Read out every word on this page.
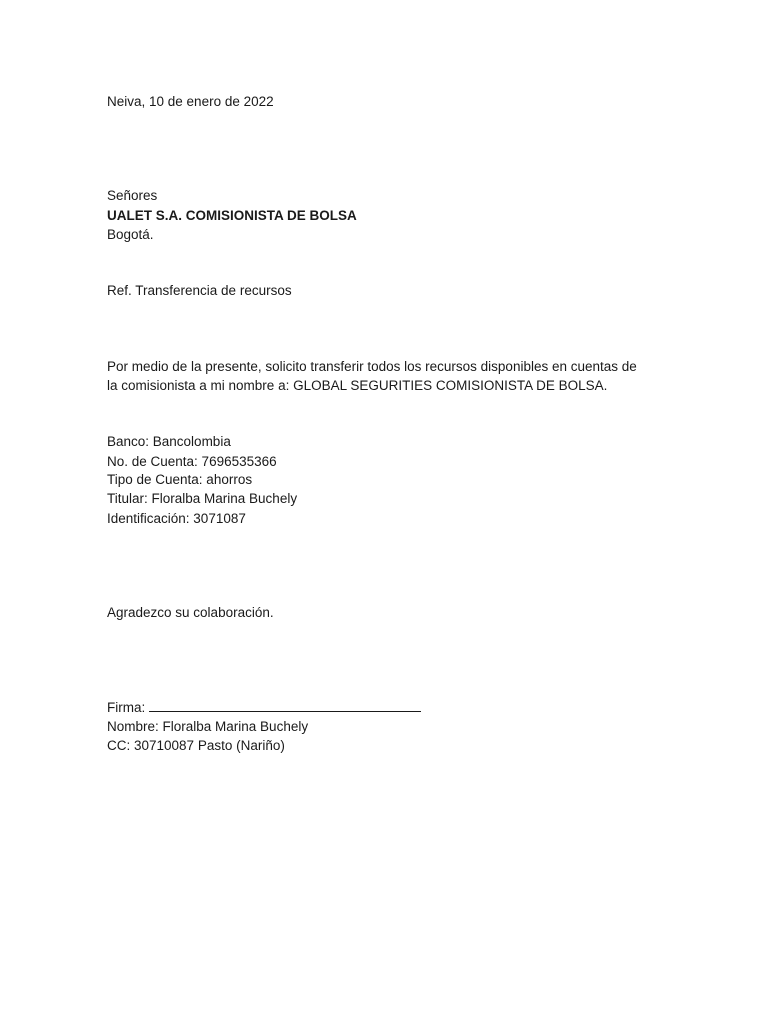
Neiva, 10 de enero de 2022
Señores
UALET S.A. COMISIONISTA DE BOLSA
Bogotá.
Ref. Transferencia de recursos
Por medio de la presente, solicito transferir todos los recursos disponibles en cuentas de
la comisionista a mi nombre a: GLOBAL SEGURITIES COMISIONISTA DE BOLSA.
Banco: Bancolombia
No. de Cuenta: 7696535366
Tipo de Cuenta: ahorros
Titular: Floralba Marina Buchely
Identificación: 3071087
Agradezco su colaboración.
Firma:
Nombre: Floralba Marina Buchely
CC: 30710087 Pasto (Nariño)
